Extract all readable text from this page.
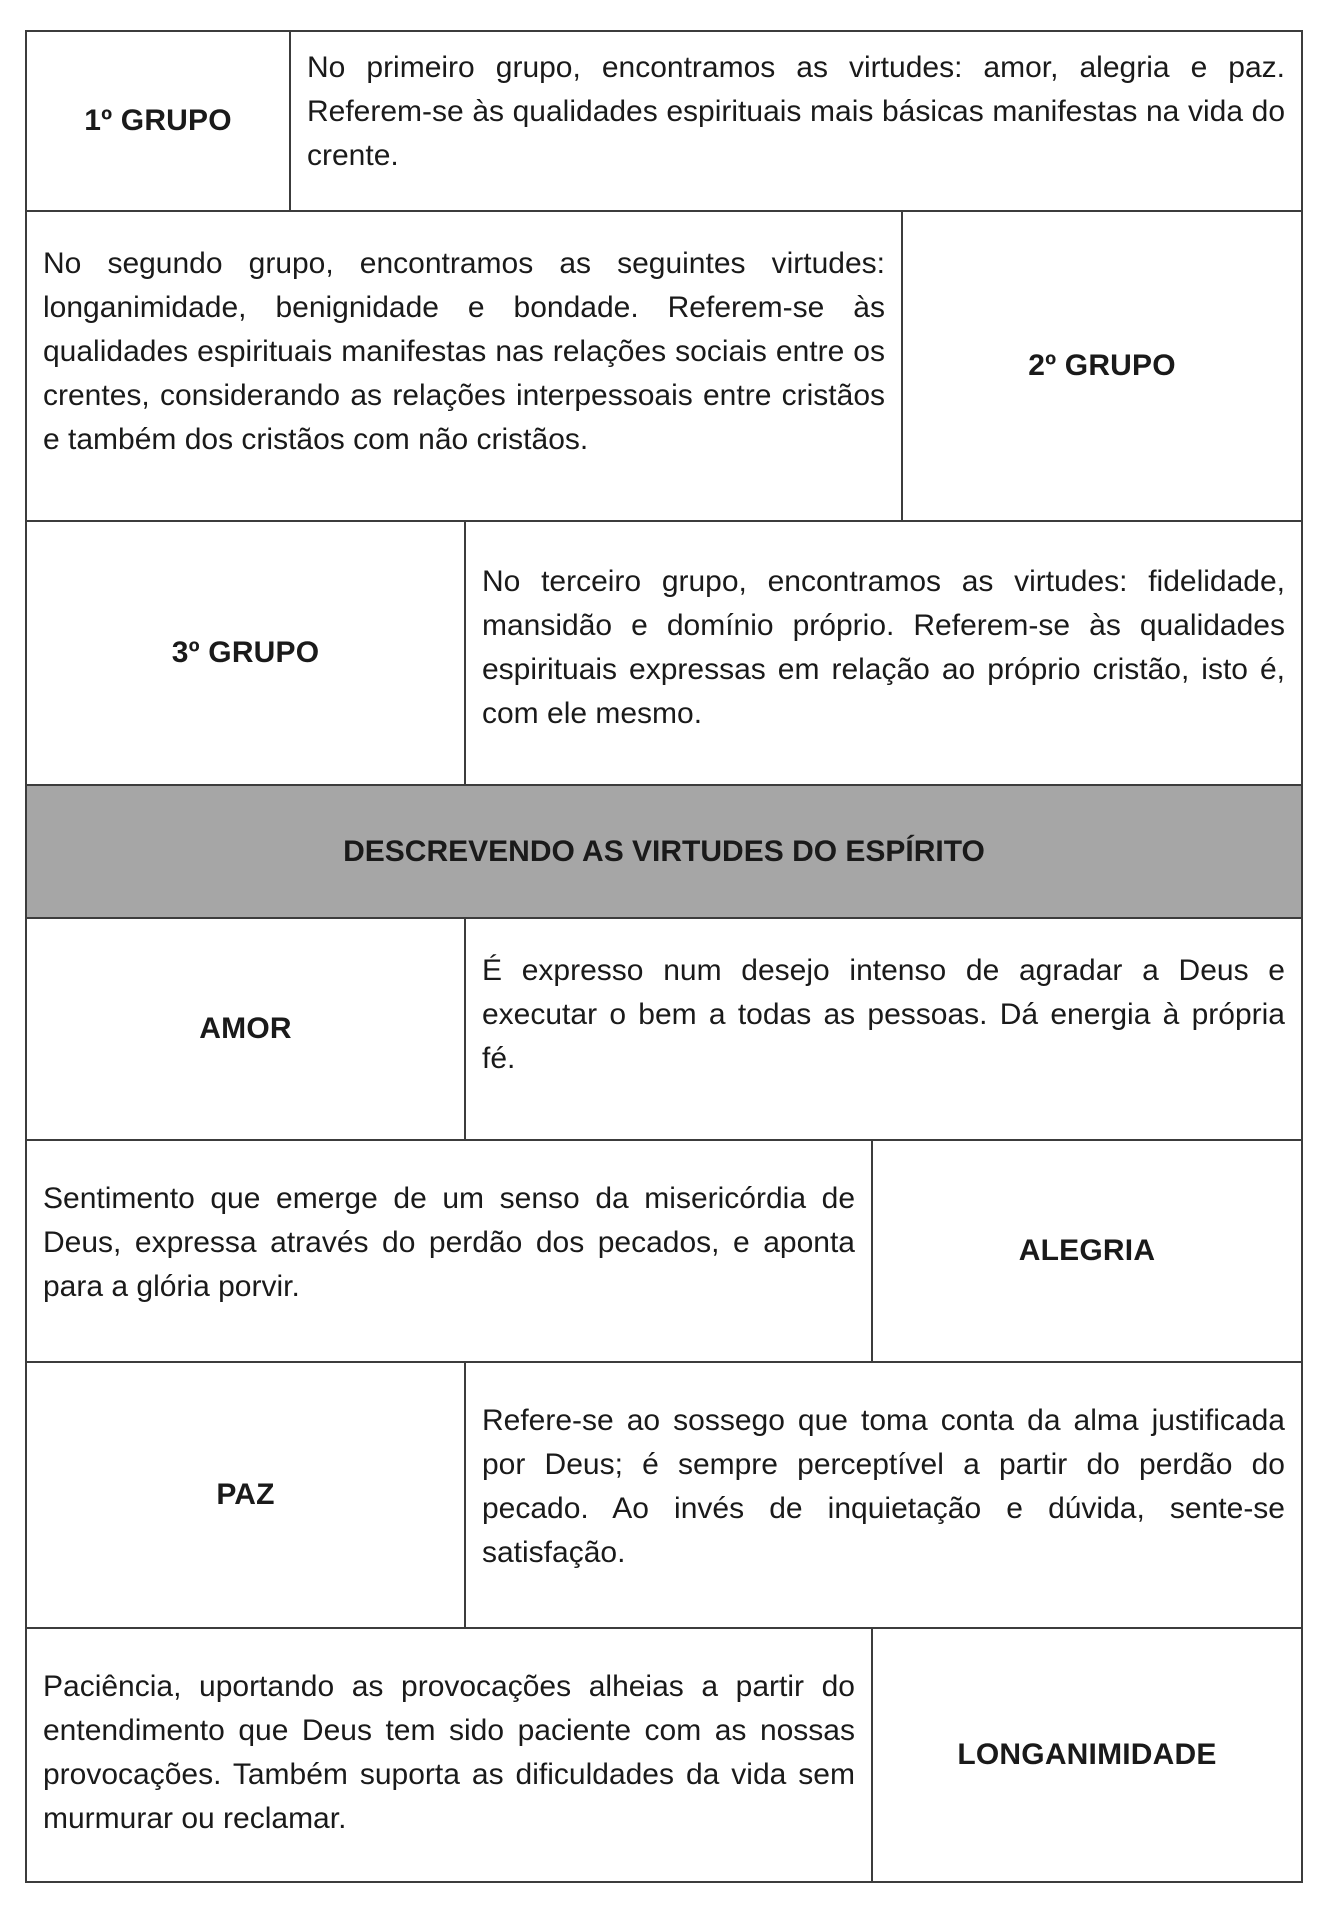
1º GRUPO
No primeiro grupo, encontramos as virtudes: amor, alegria e paz. Referem-se às qualidades espirituais mais básicas manifestas na vida do crente.
No segundo grupo, encontramos as seguintes virtudes: longanimidade, benignidade e bondade. Referem-se às qualidades espirituais manifestas nas relações sociais entre os crentes, considerando as relações interpessoais entre cristãos e também dos cristãos com não cristãos.
2º GRUPO
3º GRUPO
No terceiro grupo, encontramos as virtudes: fidelidade, mansidão e domínio próprio. Referem-se às qualidades espirituais expressas em relação ao próprio cristão, isto é, com ele mesmo.
DESCREVENDO AS VIRTUDES DO ESPÍRITO
AMOR
É expresso num desejo intenso de agradar a Deus e executar o bem a todas as pessoas. Dá energia à própria fé.
Sentimento que emerge de um senso da misericórdia de Deus, expressa através do perdão dos pecados, e aponta para a glória porvir.
ALEGRIA
PAZ
Refere-se ao sossego que toma conta da alma justificada por Deus; é sempre perceptível a partir do perdão do pecado. Ao invés de inquietação e dúvida, sente-se satisfação.
Paciência, uportando as provocações alheias a partir do entendimento que Deus tem sido paciente com as nossas provocações. Também suporta as dificuldades da vida sem murmurar ou reclamar.
LONGANIMIDADE
